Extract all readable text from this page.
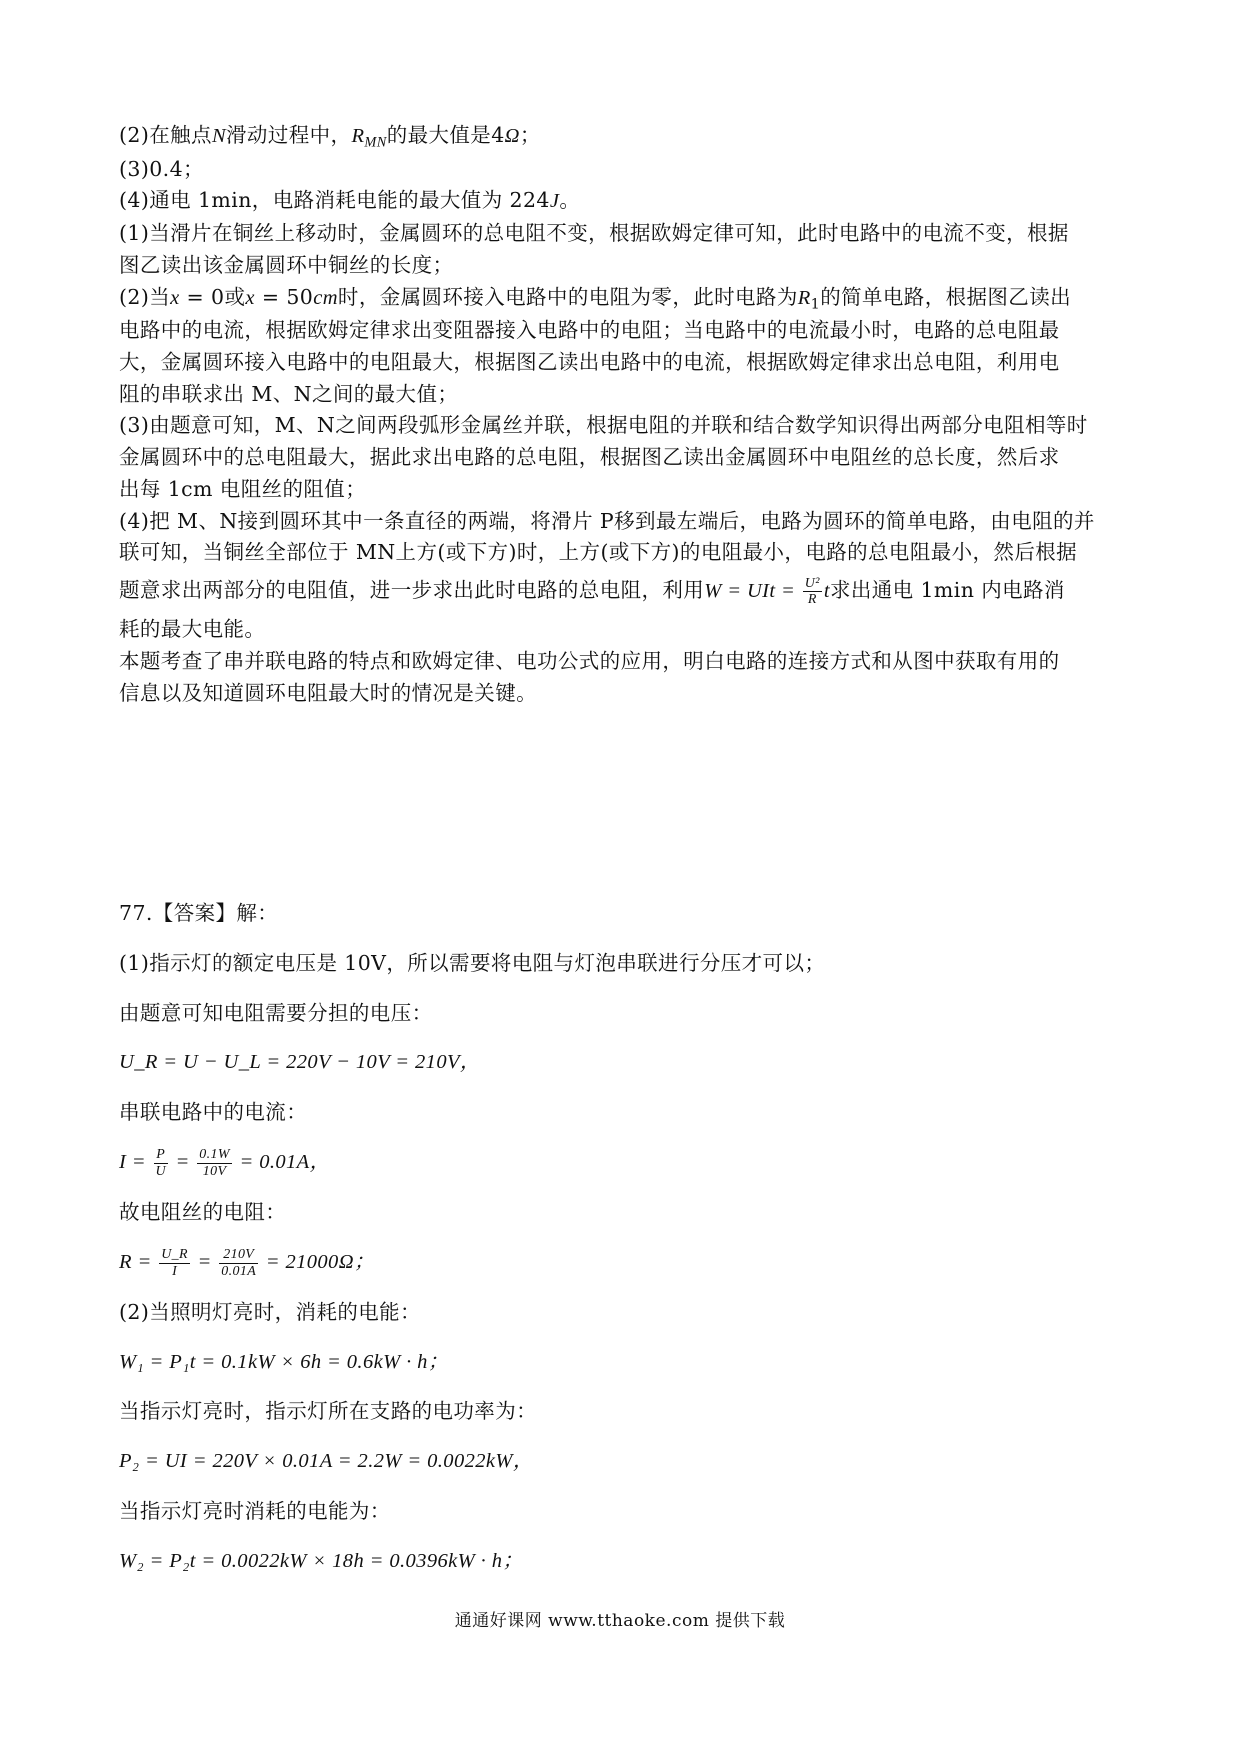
(2)在触点N滑动过程中，$R_{MN}$的最大值是4Ω；

(3)0.4；

(4)通电 1min，电路消耗电能的最大值为 224J。

(1)当滑片在铜丝上移动时，金属圆环的总电阻不变，根据欧姆定律可知，此时电路中的电流不变，根据

图乙读出该金属圆环中铜丝的长度；

(2)当x = 0或x = 50cm时，金属圆环接入电路中的电阻为零，此时电路为$R_1$的简单电路，根据图乙读出

电路中的电流，根据欧姆定律求出变阻器接入电路中的电阻；当电路中的电流最小时，电路的总电阻最

大，金属圆环接入电路中的电阻最大，根据图乙读出电路中的电流，根据欧姆定律求出总电阻，利用电

阻的串联求出 M、N之间的最大值；

(3)由题意可知，M、N之间两段弧形金属丝并联，根据电阻的并联和结合数学知识得出两部分电阻相等时

金属圆环中的总电阻最大，据此求出电路的总电阻，根据图乙读出金属圆环中电阻丝的总长度，然后求

出每 1cm 电阻丝的阻值；

(4)把 M、N接到圆环其中一条直径的两端，将滑片 P移到最左端后，电路为圆环的简单电路，由电阻的并

联可知，当铜丝全部位于 MN上方(或下方)时，上方(或下方)的电阻最小，电路的总电阻最小，然后根据

题意求出两部分的电阻值，进一步求出此时电路的总电阻，利用W = UIt = $\frac{\text{U²}}{R}$ t求出通电 1min 内电路消

耗的最大电能。

本题考查了串并联电路的特点和欧姆定律、电功公式的应用，明白电路的连接方式和从图中获取有用的

信息以及知道圆环电阻最大时的情况是关键。

77.【答案】解：

(1)指示灯的额定电压是 10V，所以需要将电阻与灯泡串联进行分压才可以；

由题意可知电阻需要分担的电压：

U_R = U − U_L = 220V − 10V = 210V，

串联电路中的电流：

$I = \frac{P}{U} = \frac{0.1W}{10V} = 0.01A$，

故电阻丝的电阻：

$R = \frac{U\_R}{I} = \frac{210V}{0.01A} = 21000\Omega$；

(2)当照明灯亮时，消耗的电能：

W₁ = P₁t = 0.1kW × 6h = 0.6kW · h；

当指示灯亮时，指示灯所在支路的电功率为：

P₂ = UI = 220V × 0.01A = 2.2W = 0.0022kW，

当指示灯亮时消耗的电能为：

W₂ = P₂t = 0.0022kW × 18h = 0.0396kW · h；

通通好课网 www.tthaoke.com 提供下载
